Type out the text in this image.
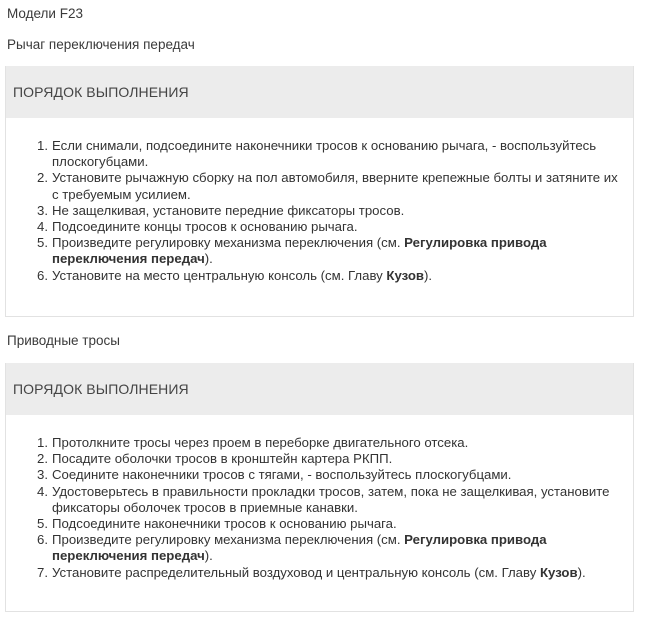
Модели F23
Рычаг переключения передач
ПОРЯДОК ВЫПОЛНЕНИЯ
1. Если снимали, подсоедините наконечники тросов к основанию рычага, - воспользуйтесь плоскогубцами.
2. Установите рычажную сборку на пол автомобиля, вверните крепежные болты и затяните их с требуемым усилием.
3. Не защелкивая, установите передние фиксаторы тросов.
4. Подсоедините концы тросов к основанию рычага.
5. Произведите регулировку механизма переключения (см. Регулировка привода переключения передач).
6. Установите на место центральную консоль (см. Главу Кузов).
Приводные тросы
ПОРЯДОК ВЫПОЛНЕНИЯ
1. Протолкните тросы через проем в переборке двигательного отсека.
2. Посадите оболочки тросов в кронштейн картера РКПП.
3. Соедините наконечники тросов с тягами, - воспользуйтесь плоскогубцами.
4. Удостоверьтесь в правильности прокладки тросов, затем, пока не защелкивая, установите фиксаторы оболочек тросов в приемные канавки.
5. Подсоедините наконечники тросов к основанию рычага.
6. Произведите регулировку механизма переключения (см. Регулировка привода переключения передач).
7. Установите распределительный воздуховод и центральную консоль (см. Главу Кузов).
